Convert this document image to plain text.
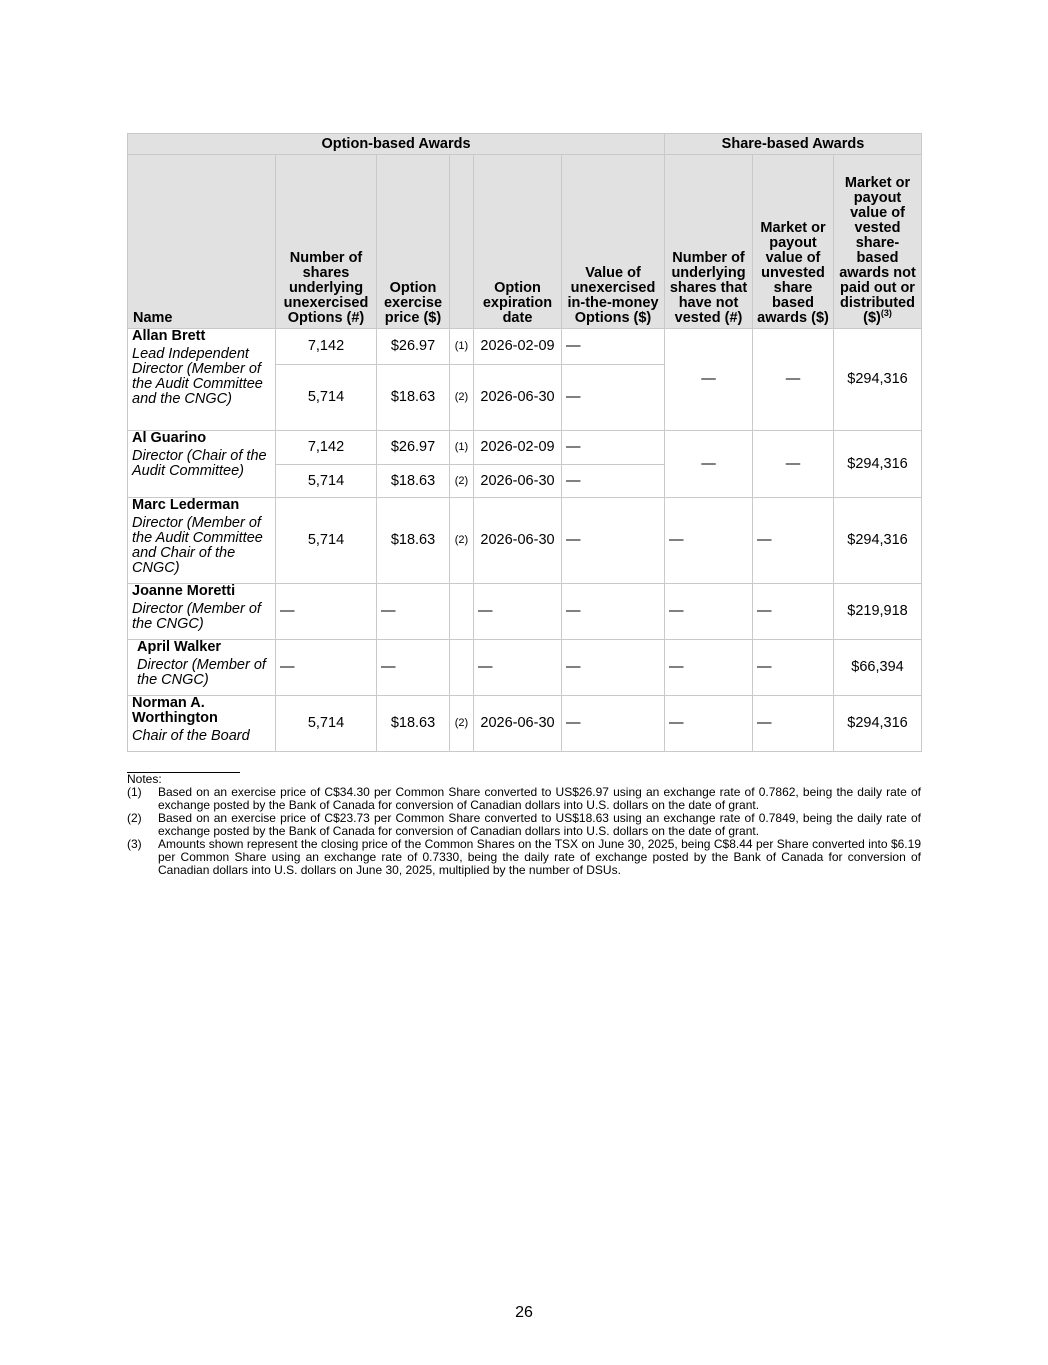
Option-based Awards						Share-based Awards		
Name	Number of shares underlying unexercised Options (#)	Option exercise price ($)		Option expiration date	Value of unexercised in-the-money Options ($)	Number of underlying shares that have not vested (#)	Market or payout value of unvested share based awards ($)	Market or payout value of vested share-based awards not paid out or distributed ($)$^{(3)}$

Allan Brett
Lead Independent Director (Member of the Audit Committee and the CNGC)	7,142	$26.97	(1)	2026-02-09	—	—	—	$294,316
	5,714	$18.63	(2)	2026-06-30	—			

Al Guarino
Director (Chair of the Audit Committee)	7,142	$26.97	(1)	2026-02-09	—	—	—	$294,316
	5,714	$18.63	(2)	2026-06-30	—			

Marc Lederman
Director (Member of the Audit Committee and Chair of the CNGC)	5,714	$18.63	(2)	2026-06-30	—	—	—	$294,316

Joanne Moretti
Director (Member of the CNGC)	—	—		—	—	—	—	$219,918

April Walker
Director (Member of the CNGC)	—	—		—	—	—	—	$66,394

Norman A. Worthington
Chair of the Board	5,714	$18.63	(2)	2026-06-30	—	—	—	$294,316
Notes:
(1) Based on an exercise price of C$34.30 per Common Share converted to US$26.97 using an exchange rate of 0.7862, being the daily rate of exchange posted by the Bank of Canada for conversion of Canadian dollars into U.S. dollars on the date of grant.
(2) Based on an exercise price of C$23.73 per Common Share converted to US$18.63 using an exchange rate of 0.7849, being the daily rate of exchange posted by the Bank of Canada for conversion of Canadian dollars into U.S. dollars on the date of grant.
(3) Amounts shown represent the closing price of the Common Shares on the TSX on June 30, 2025, being C$8.44 per Share converted into $6.19 per Common Share using an exchange rate of 0.7330, being the daily rate of exchange posted by the Bank of Canada for conversion of Canadian dollars into U.S. dollars on June 30, 2025, multiplied by the number of DSUs.
26
